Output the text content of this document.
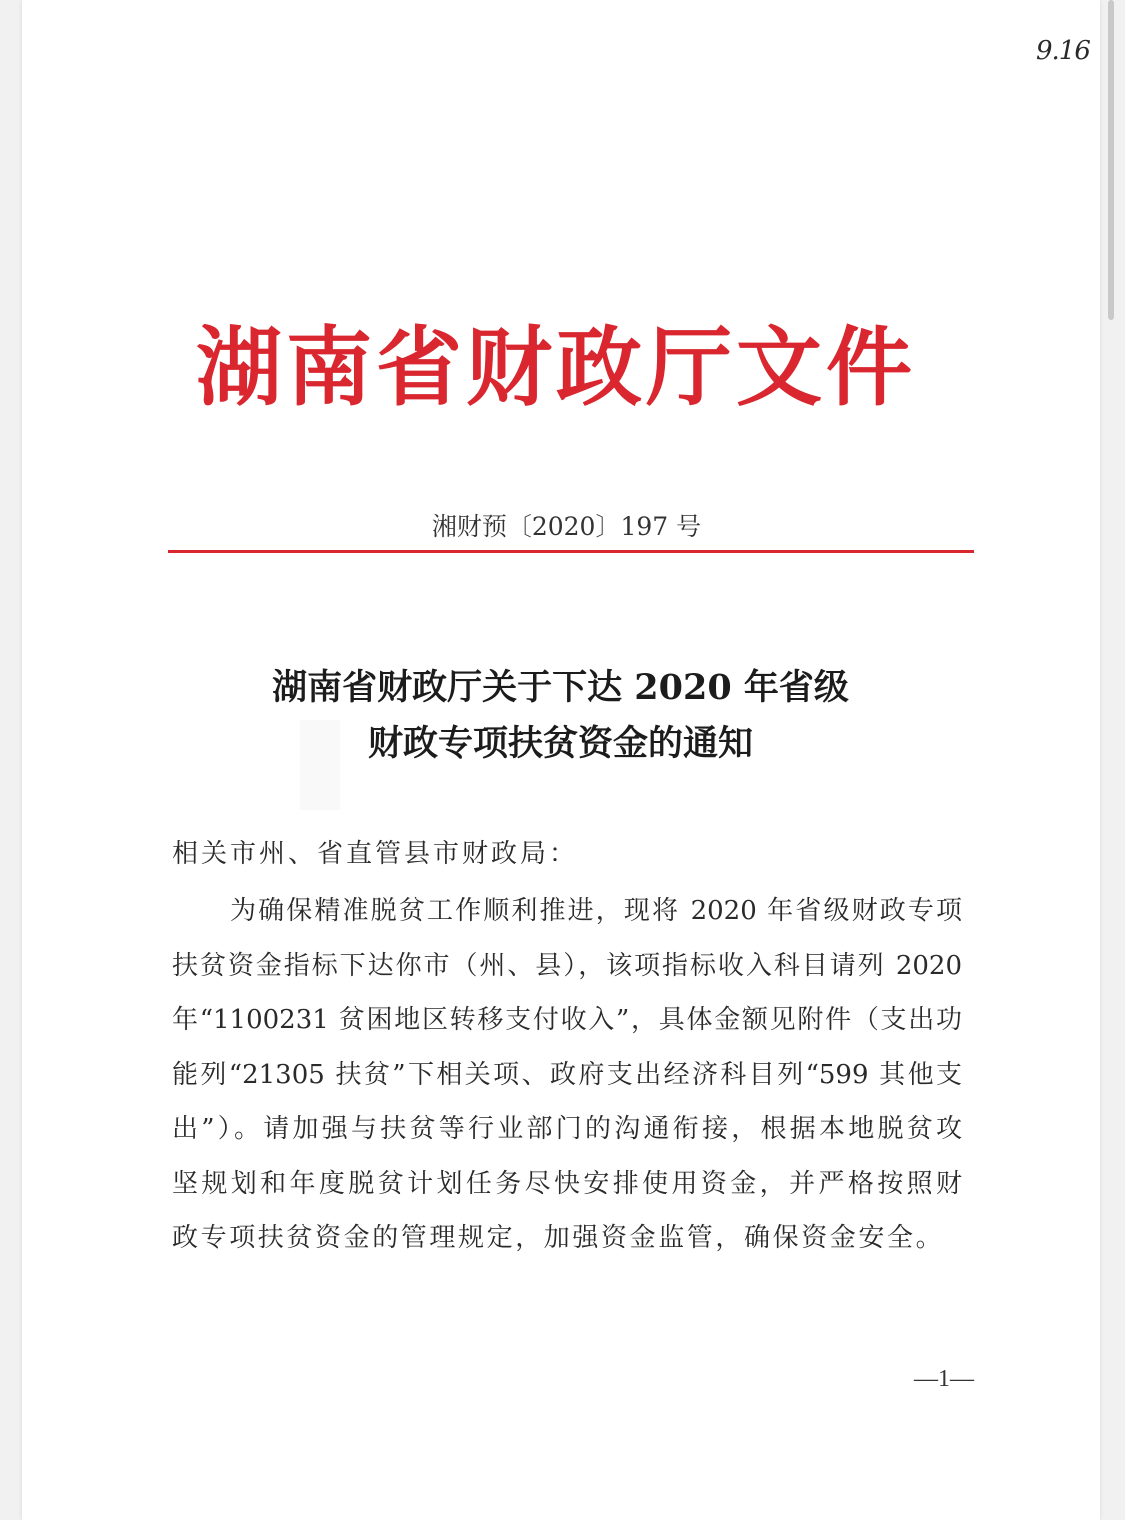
9.16
湖南省财政厅文件
湘财预〔2020〕197 号
湖南省财政厅关于下达 2020 年省级
财政专项扶贫资金的通知
相关市州、省直管县市财政局：
为确保精准脱贫工作顺利推进，现将 2020 年省级财政专项
扶贫资金指标下达你市（州、县），该项指标收入科目请列 2020
年“1100231 贫困地区转移支付收入”，具体金额见附件（支出功
能列“21305 扶贫”下相关项、政府支出经济科目列“599 其他支
出”）。请加强与扶贫等行业部门的沟通衔接，根据本地脱贫攻
坚规划和年度脱贫计划任务尽快安排使用资金，并严格按照财
政专项扶贫资金的管理规定，加强资金监管，确保资金安全。
—1—
